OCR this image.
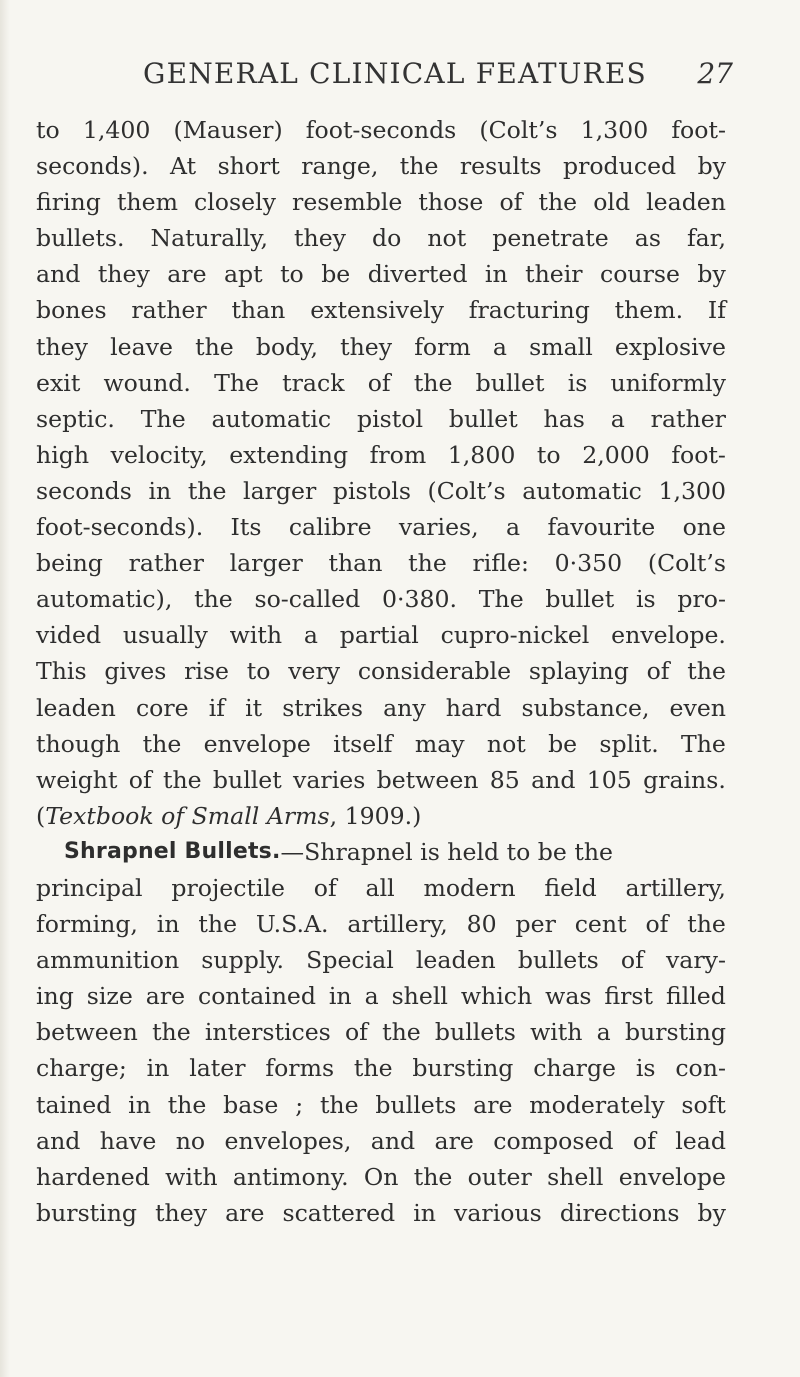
GENERAL CLINICAL FEATURES 27
to 1,400 (Mauser) foot-seconds (Colt’s 1,300 foot-
seconds). At short range, the results produced by
firing them closely resemble those of the old leaden
bullets. Naturally, they do not penetrate as far,
and they are apt to be diverted in their course by
bones rather than extensively fracturing them. If
they leave the body, they form a small explosive
exit wound. The track of the bullet is uniformly
septic. The automatic pistol bullet has a rather
high velocity, extending from 1,800 to 2,000 foot-
seconds in the larger pistols (Colt’s automatic 1,300
foot-seconds). Its calibre varies, a favourite one
being rather larger than the rifle: 0·350 (Colt’s
automatic), the so-called 0·380. The bullet is pro-
vided usually with a partial cupro-nickel envelope.
This gives rise to very considerable splaying of the
leaden core if it strikes any hard substance, even
though the envelope itself may not be split. The
weight of the bullet varies between 85 and 105 grains.
( Textbook of Small Arms , 1909.)
Shrapnel Bullets. —Shrapnel is held to be the
principal projectile of all modern field artillery,
forming, in the U.S.A. artillery, 80 per cent of the
ammunition supply. Special leaden bullets of vary-
ing size are contained in a shell which was first filled
between the interstices of the bullets with a bursting
charge; in later forms the bursting charge is con-
tained in the base ; the bullets are moderately soft
and have no envelopes, and are composed of lead
hardened with antimony. On the outer shell envelope
bursting they are scattered in various directions by
